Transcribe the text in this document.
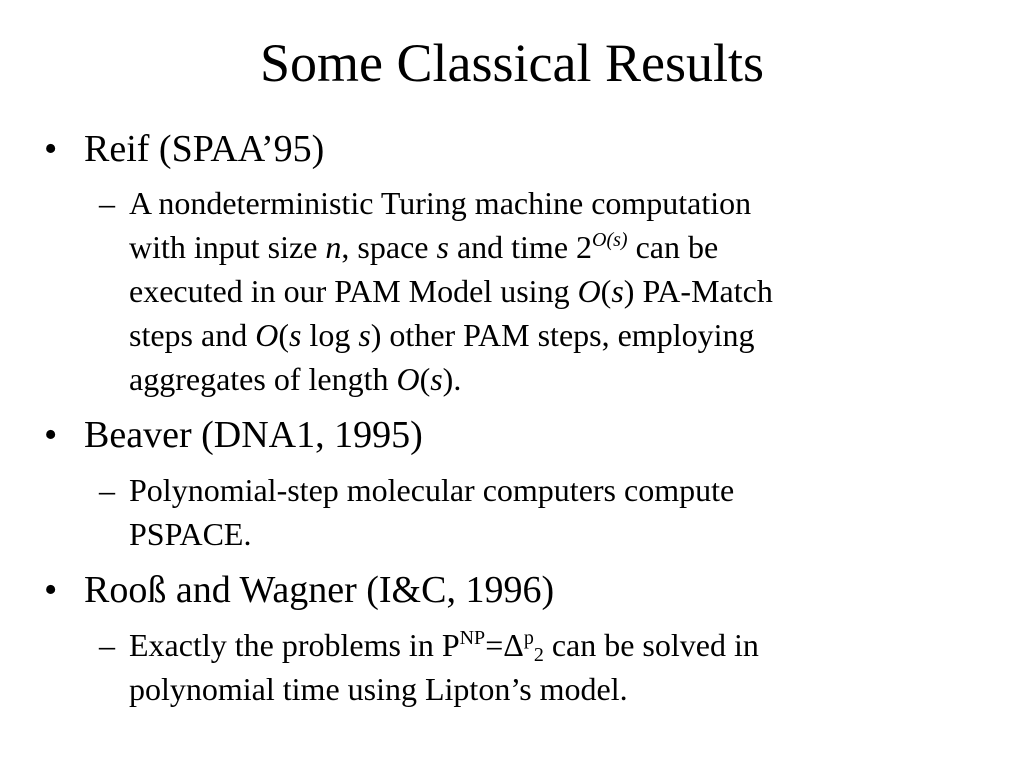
Some Classical Results
• Reif (SPAA’95)
– A nondeterministic Turing machine computation
with input size n, space s and time $2^{O(s)}$ can be
executed in our PAM Model using O(s) PA-Match
steps and O(s log s) other PAM steps, employing
aggregates of length O(s).
• Beaver (DNA1, 1995)
– Polynomial-step molecular computers compute
PSPACE.
• Rooß and Wagner (I&C, 1996)
– Exactly the problems in $P^{NP}=\Delta^p_2$ can be solved in
polynomial time using Lipton’s model.
